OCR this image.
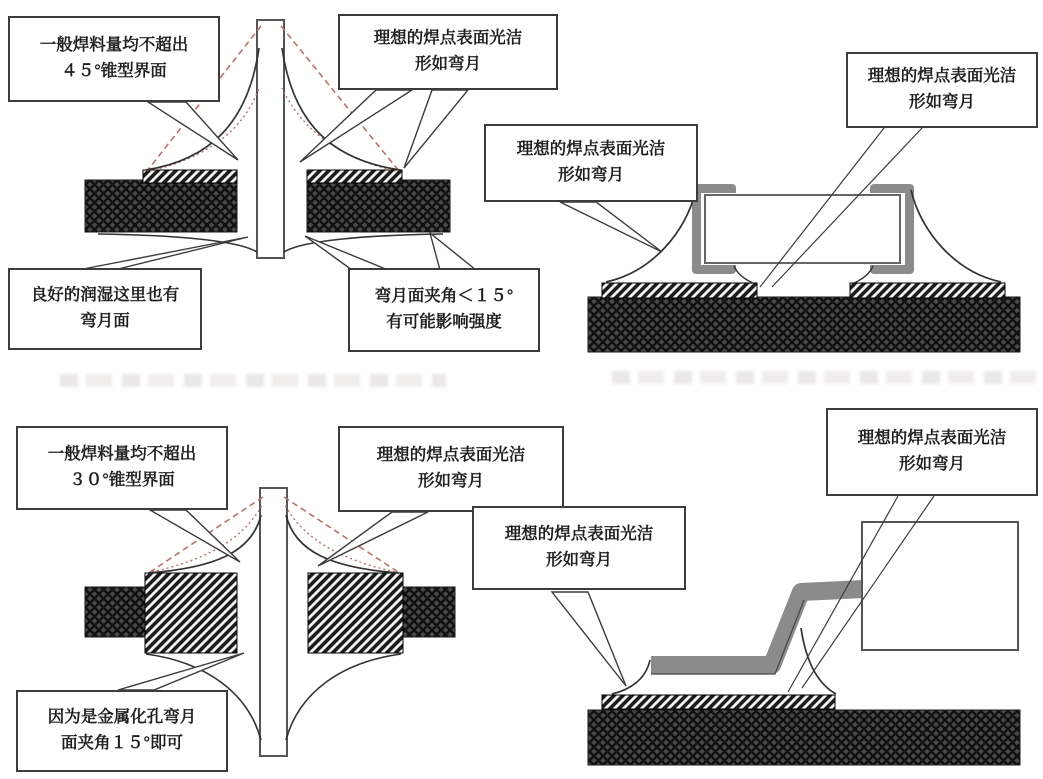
一般焊料量均不超出
４５°锥型界面
理想的焊点表面光洁
形如弯月
良好的润湿这里也有
弯月面
弯月面夹角＜１５°
有可能影响强度
理想的焊点表面光洁
形如弯月
理想的焊点表面光洁
形如弯月
一般焊料量均不超出
３０°锥型界面
理想的焊点表面光洁
形如弯月
因为是金属化孔弯月
面夹角１５°即可
理想的焊点表面光洁
形如弯月
理想的焊点表面光洁
形如弯月
